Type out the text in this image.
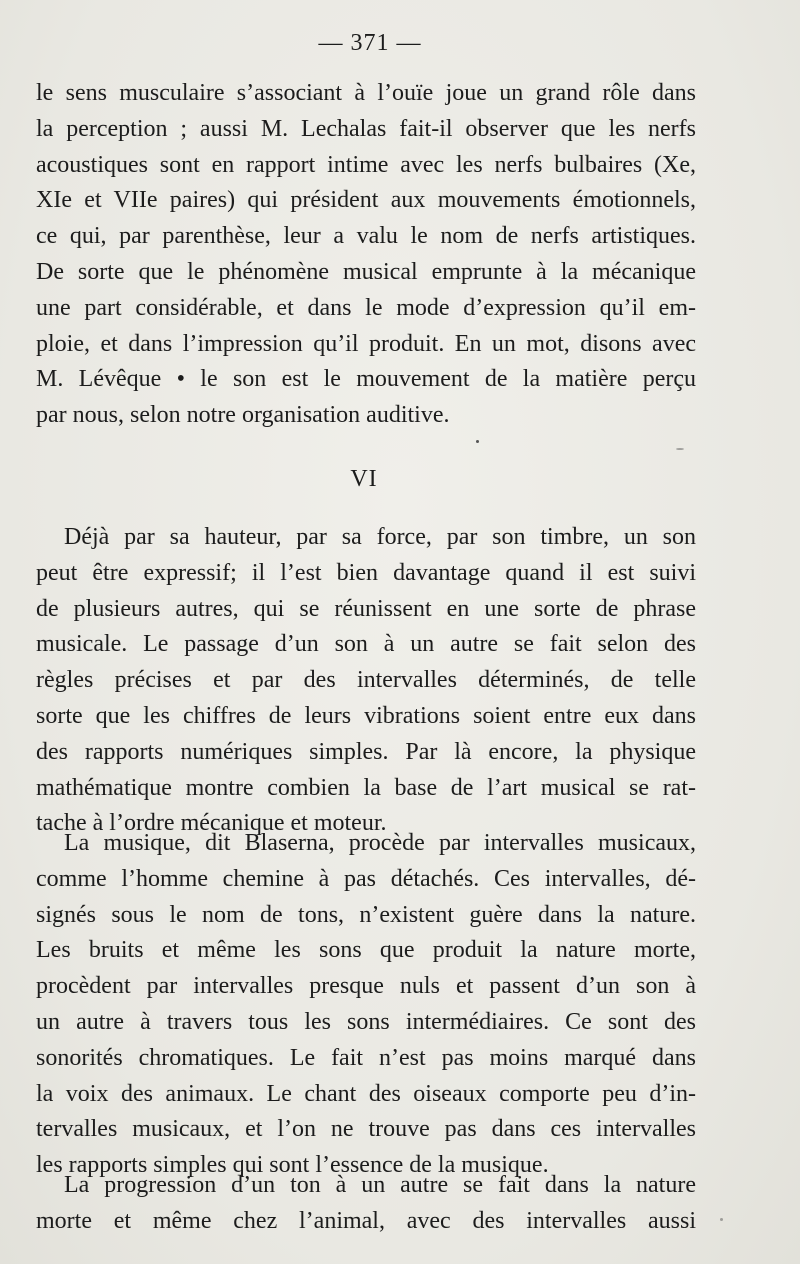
— 371 —
le sens musculaire s’associant à l’ouïe joue un grand rôle dans
la perception ; aussi M. Lechalas fait-il observer que les nerfs
acoustiques sont en rapport intime avec les nerfs bulbaires (Xe,
XIe et VIIe paires) qui président aux mouvements émotionnels,
ce qui, par parenthèse, leur a valu le nom de nerfs artistiques.
De sorte que le phénomène musical emprunte à la mécanique
une part considérable, et dans le mode d’expression qu’il em-
ploie, et dans l’impression qu’il produit. En un mot, disons avec
M. Lévêque • le son est le mouvement de la matière perçu
par nous, selon notre organisation auditive.
VI
Déjà par sa hauteur, par sa force, par son timbre, un son
peut être expressif; il l’est bien davantage quand il est suivi
de plusieurs autres, qui se réunissent en une sorte de phrase
musicale. Le passage d’un son à un autre se fait selon des
règles précises et par des intervalles déterminés, de telle
sorte que les chiffres de leurs vibrations soient entre eux dans
des rapports numériques simples. Par là encore, la physique
mathématique montre combien la base de l’art musical se rat-
tache à l’ordre mécanique et moteur.
La musique, dit Blaserna, procède par intervalles musicaux,
comme l’homme chemine à pas détachés. Ces intervalles, dé-
signés sous le nom de tons, n’existent guère dans la nature.
Les bruits et même les sons que produit la nature morte,
procèdent par intervalles presque nuls et passent d’un son à
un autre à travers tous les sons intermédiaires. Ce sont des
sonorités chromatiques. Le fait n’est pas moins marqué dans
la voix des animaux. Le chant des oiseaux comporte peu d’in-
tervalles musicaux, et l’on ne trouve pas dans ces intervalles
les rapports simples qui sont l’essence de la musique.
La progression d’un ton à un autre se fait dans la nature
morte et même chez l’animal, avec des intervalles aussi
